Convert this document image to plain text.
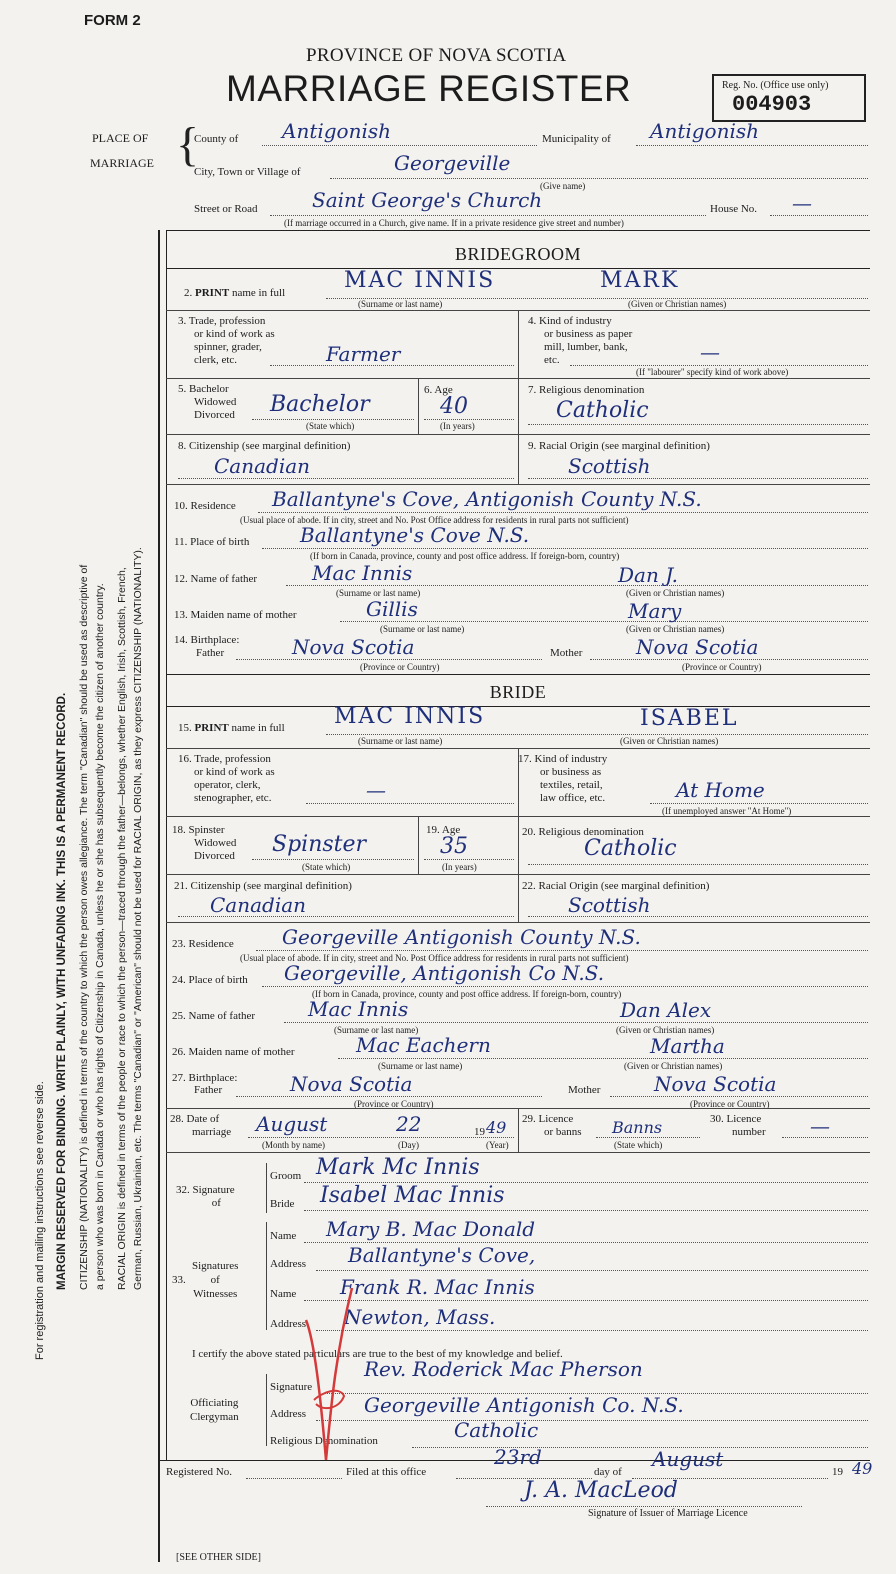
For registration and mailing instructions see reverse side. MARGIN RESERVED FOR BINDING. WRITE PLAINLY, WITH UNFADING INK. THIS IS A PERMANENT RECORD. CITIZENSHIP (NATIONALITY) is defined in terms of the country to which the person owes allegiance. The term "Canadian" should be used as descriptive of a person who was born in Canada or who has rights of Citizenship in Canada, unless he or she has subsequently become the citizen of another country. RACIAL ORIGIN is defined in terms of the people or race to which the person—traced through the father—belongs, whether English, Irish, Scottish, French, German, Russian, Ukrainian, etc. The terms "Canadian" or "American" should not be used for RACIAL ORIGIN, as they express CITIZENSHIP (NATIONALITY).
FORM 2
PROVINCE OF NOVA SCOTIA
MARRIAGE REGISTER	Reg. No. (Office use only)
004903
PLACE OF
MARRIAGE {
County of Antigonish	Municipality of Antigonish
City, Town or Village of	Georgeville
(Give name)
Street or Road	Saint George's Church	House No. —
(If marriage occurred in a Church, give name. If in a private residence give street and number)
BRIDEGROOM
2. PRINT name in full	MAC INNIS	MARK
(Surname or last name)	(Given or Christian names)
3. Trade, profession
or kind of work as
spinner, grader,
clerk, etc.	Farmer
4. Kind of industry
or business as paper
mill, lumber, bank,
etc.	—
(If "labourer" specify kind of work above)
5. Bachelor
Widowed
Divorced Bachelor
(State which)
6. Age
40
(In years)
7. Religious denomination
Catholic
8. Citizenship (see marginal definition)
Canadian
9. Racial Origin (see marginal definition)
Scottish
10. Residence Ballantyne's Cove, Antigonish County N.S.
(Usual place of abode. If in city, street and No. Post Office address for residents in rural parts not sufficient)
11. Place of birth	Ballantyne's Cove N.S.
(If born in Canada, province, county and post office address. If foreign-born, country)
12. Name of father	Mac Innis	Dan J.
(Surname or last name)	(Given or Christian names)
13. Maiden name of mother	Gillis	Mary
(Surname or last name)	(Given or Christian names)
14. Birthplace:
Father	Nova Scotia
(Province or Country)
Mother	Nova Scotia
(Province or Country)
BRIDE
15. PRINT name in full MAC INNIS	ISABEL
(Surname or last name)	(Given or Christian names)
16. Trade, profession
or kind of work as
operator, clerk,
stenographer, etc.	—
17. Kind of industry
or business as
textiles, retail,
law office, etc.	At Home
(If unemployed answer "At Home")
18. Spinster
Widowed
Divorced Spinster
(State which)
19. Age
35
(In years)
20. Religious denomination
Catholic
21. Citizenship (see marginal definition)
Canadian
22. Racial Origin (see marginal definition)
Scottish
23. Residence Georgeville Antigonish County N.S.
(Usual place of abode. If in city, street and No. Post Office address for residents in rural parts not sufficient)
24. Place of birth Georgeville, Antigonish Co N.S.
(If born in Canada, province, county and post office address. If foreign-born, country)
25. Name of father	Mac Innis	Dan Alex
(Surname or last name)	(Given or Christian names)
26. Maiden name of mother	Mac Eachern	Martha
(Surname or last name)	(Given or Christian names)
27. Birthplace:
Father	Nova Scotia
(Province or Country)
Mother	Nova Scotia
(Province or Country)
28. Date of
marriage August	22	19 49
(Month by name)	(Day)	(Year)
29. Licence
or banns Banns
(State which)
30. Licence
number —
32. Signature
of
Groom Mark Mc Innis
Bride Isabel Mac Innis
33.
Signatures
of
Witnesses
Name Mary B. Mac Donald
Address Ballantyne's Cove,
Name Frank R. Mac Innis
Address Newton, Mass.
I certify the above stated particulars are true to the best of my knowledge and belief.
Officiating
Clergyman
Signature
Rev. Roderick Mac Pherson
Address	Georgeville Antigonish Co. N.S.
Religious Denomination	Catholic
Registered No.	Filed at this office
23rd
day of
August
19 49
J. A. MacLeod
Signature of Issuer of Marriage Licence
[SEE OTHER SIDE]
